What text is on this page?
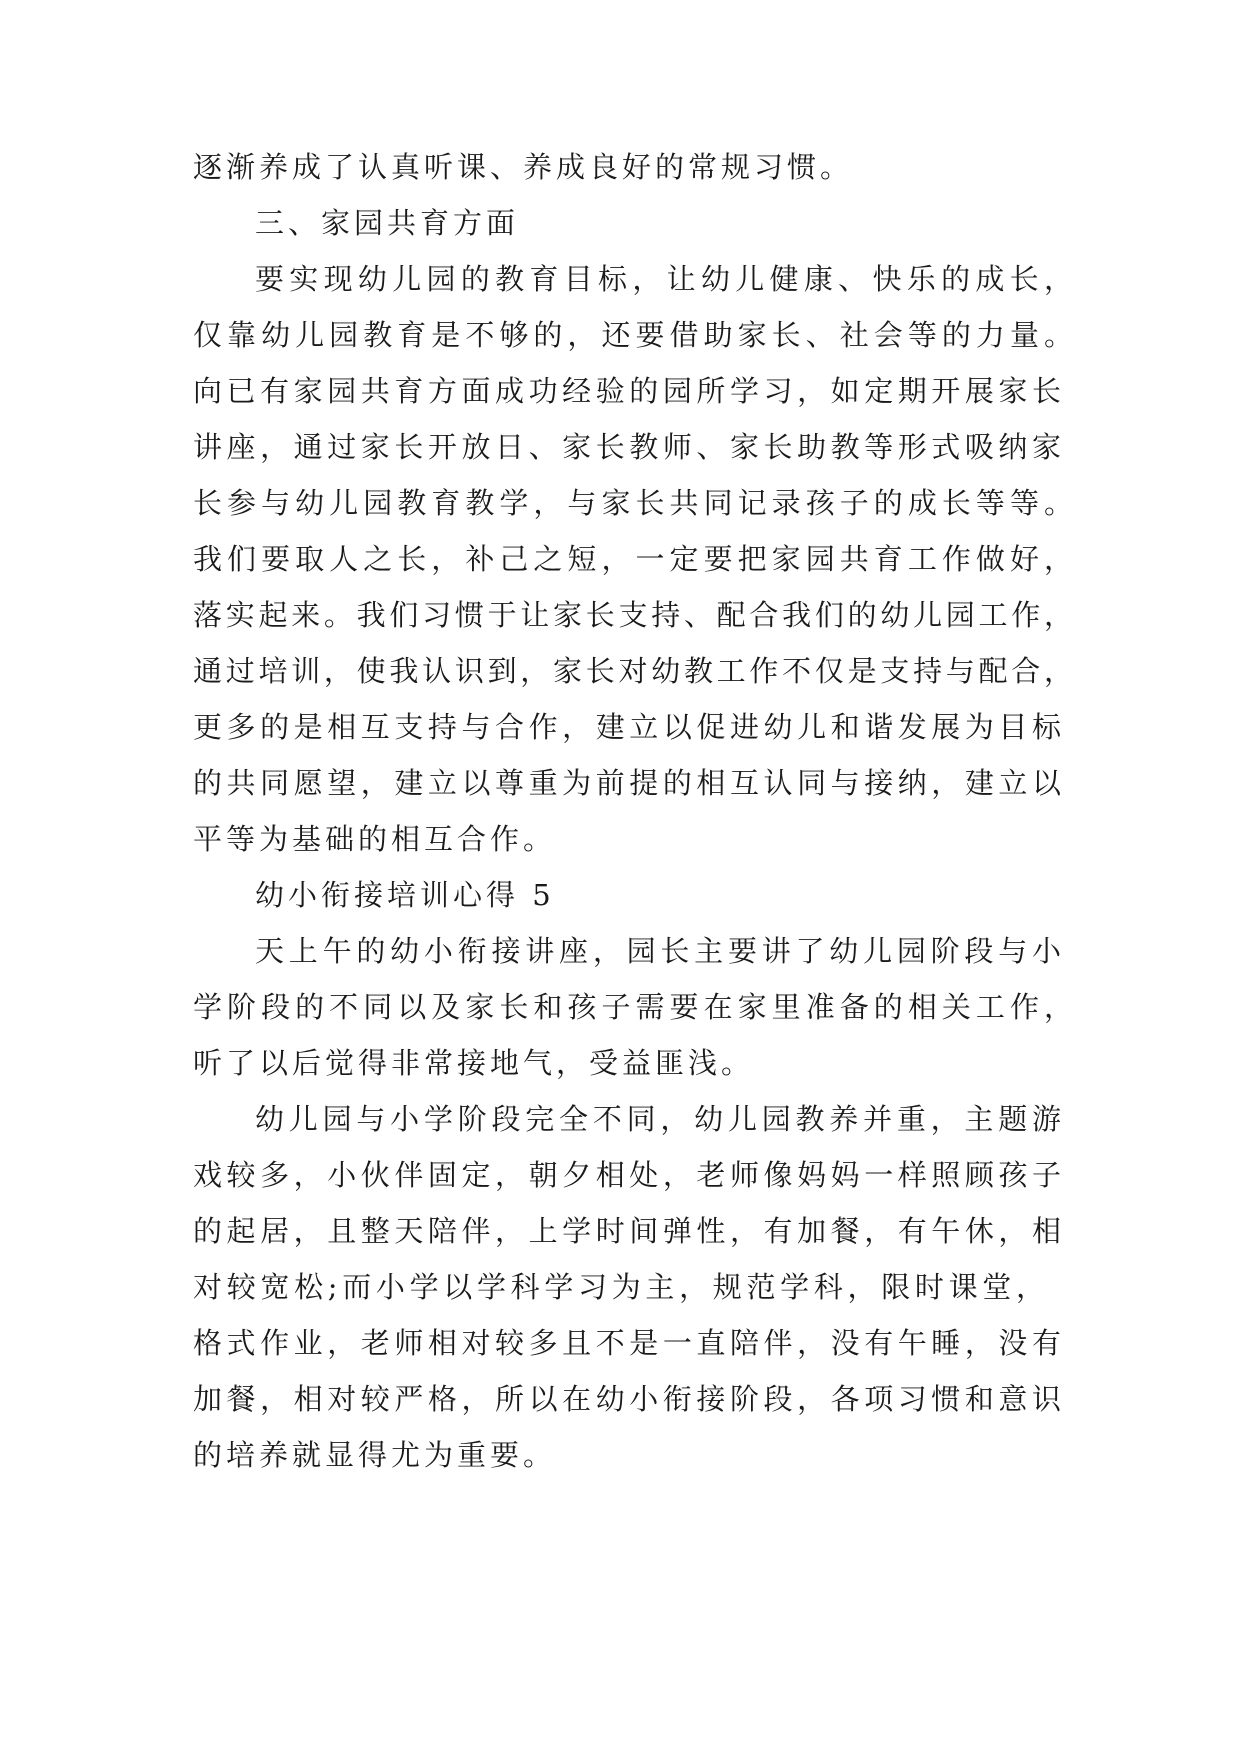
逐渐养成了认真听课、养成良好的常规习惯。
三、家园共育方面
要实现幼儿园的教育目标，让幼儿健康、快乐的成长，
仅靠幼儿园教育是不够的，还要借助家长、社会等的力量。
向已有家园共育方面成功经验的园所学习，如定期开展家长
讲座，通过家长开放日、家长教师、家长助教等形式吸纳家
长参与幼儿园教育教学，与家长共同记录孩子的成长等等。
我们要取人之长，补己之短，一定要把家园共育工作做好，
落实起来。我们习惯于让家长支持、配合我们的幼儿园工作，
通过培训，使我认识到，家长对幼教工作不仅是支持与配合，
更多的是相互支持与合作，建立以促进幼儿和谐发展为目标
的共同愿望，建立以尊重为前提的相互认同与接纳，建立以
平等为基础的相互合作。
幼小衔接培训心得 5
天上午的幼小衔接讲座，园长主要讲了幼儿园阶段与小
学阶段的不同以及家长和孩子需要在家里准备的相关工作，
听了以后觉得非常接地气，受益匪浅。
幼儿园与小学阶段完全不同，幼儿园教养并重，主题游
戏较多，小伙伴固定，朝夕相处，老师像妈妈一样照顾孩子
的起居，且整天陪伴，上学时间弹性，有加餐，有午休，相
对较宽松;而小学以学科学习为主，规范学科，限时课堂，
格式作业，老师相对较多且不是一直陪伴，没有午睡，没有
加餐，相对较严格，所以在幼小衔接阶段，各项习惯和意识
的培养就显得尤为重要。
